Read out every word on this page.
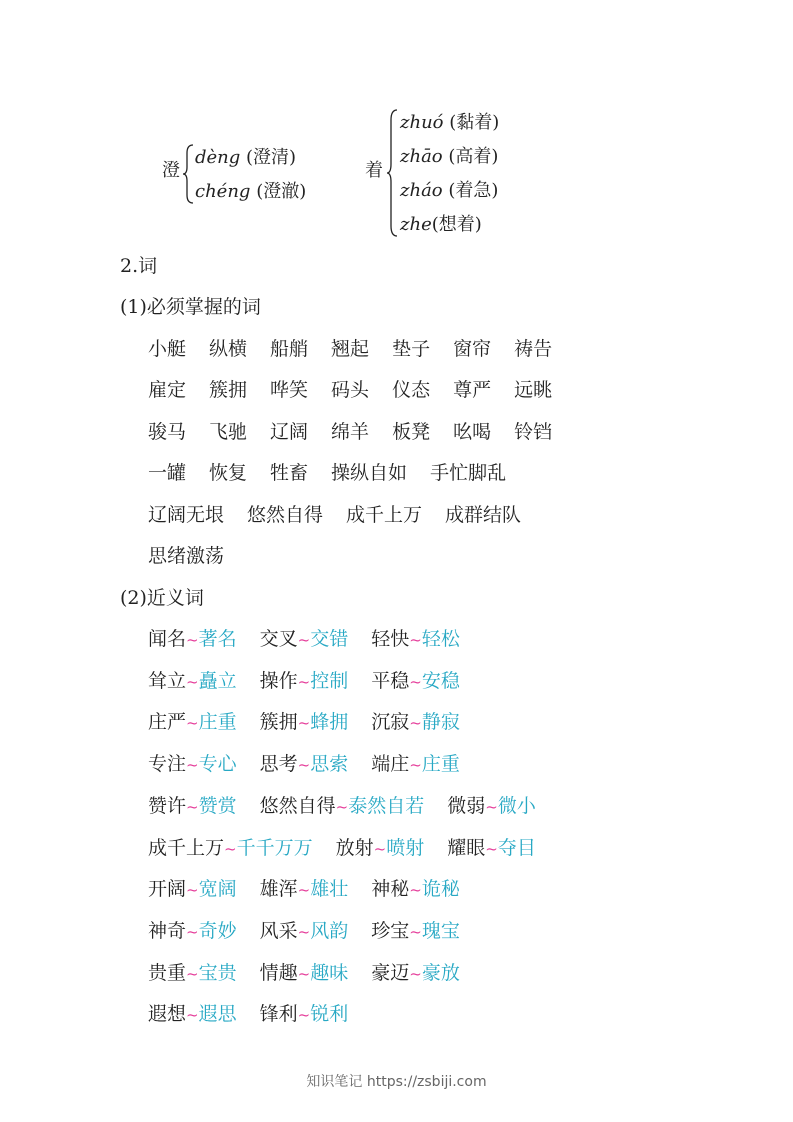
澄
dèng (澄清)
chéng (澄澈)
着
zhuó (黏着)
zhāo (高着)
zháo (着急)
zhe(想着)
2.词
(1)必须掌握的词
小艇 纵横 船艄 翘起 垫子 窗帘 祷告
雇定 簇拥 哗笑 码头 仪态 尊严 远眺
骏马 飞驰 辽阔 绵羊 板凳 吆喝 铃铛
一罐 恢复 牲畜 操纵自如 手忙脚乱
辽阔无垠 悠然自得 成千上万 成群结队
思绪激荡
(2)近义词
闻名~著名 交叉~交错 轻快~轻松
耸立~矗立 操作~控制 平稳~安稳
庄严~庄重 簇拥~蜂拥 沉寂~静寂
专注~专心 思考~思索 端庄~庄重
赞许~赞赏 悠然自得~泰然自若 微弱~微小
成千上万~千千万万 放射~喷射 耀眼~夺目
开阔~宽阔 雄浑~雄壮 神秘~诡秘
神奇~奇妙 风采~风韵 珍宝~瑰宝
贵重~宝贵 情趣~趣味 豪迈~豪放
遐想~遐思 锋利~锐利
知识笔记 https://zsbiji.com
